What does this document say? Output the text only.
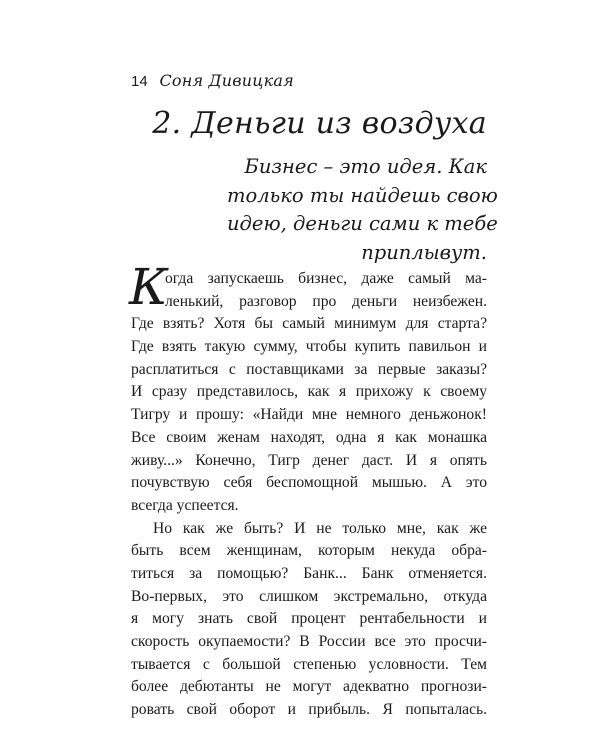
14 Соня Дивицкая
2. Деньги из воздуха
Бизнес – это идея. Как
только ты найдешь свою
идею, деньги сами к тебе
приплывут.
К
огда запускаешь бизнес, даже самый ма-
ленький, разговор про деньги неизбежен.
Где взять? Хотя бы самый минимум для старта?
Где взять такую сумму, чтобы купить павильон и
расплатиться с поставщиками за первые заказы?
И сразу представилось, как я прихожу к своему
Тигру и прошу: «Найди мне немного деньжонок!
Все своим женам находят, одна я как монашка
живу...» Конечно, Тигр денег даст. И я опять
почувствую себя беспомощной мышью. А это
всегда успеется.
Но как же быть? И не только мне, как же
быть всем женщинам, которым некуда обра-
титься за помощью? Банк... Банк отменяется.
Во-первых, это слишком экстремально, откуда
я могу знать свой процент рентабельности и
скорость окупаемости? В России все это просчи-
тывается с большой степенью условности. Тем
более дебютанты не могут адекватно прогнози-
ровать свой оборот и прибыль. Я попыталась.
